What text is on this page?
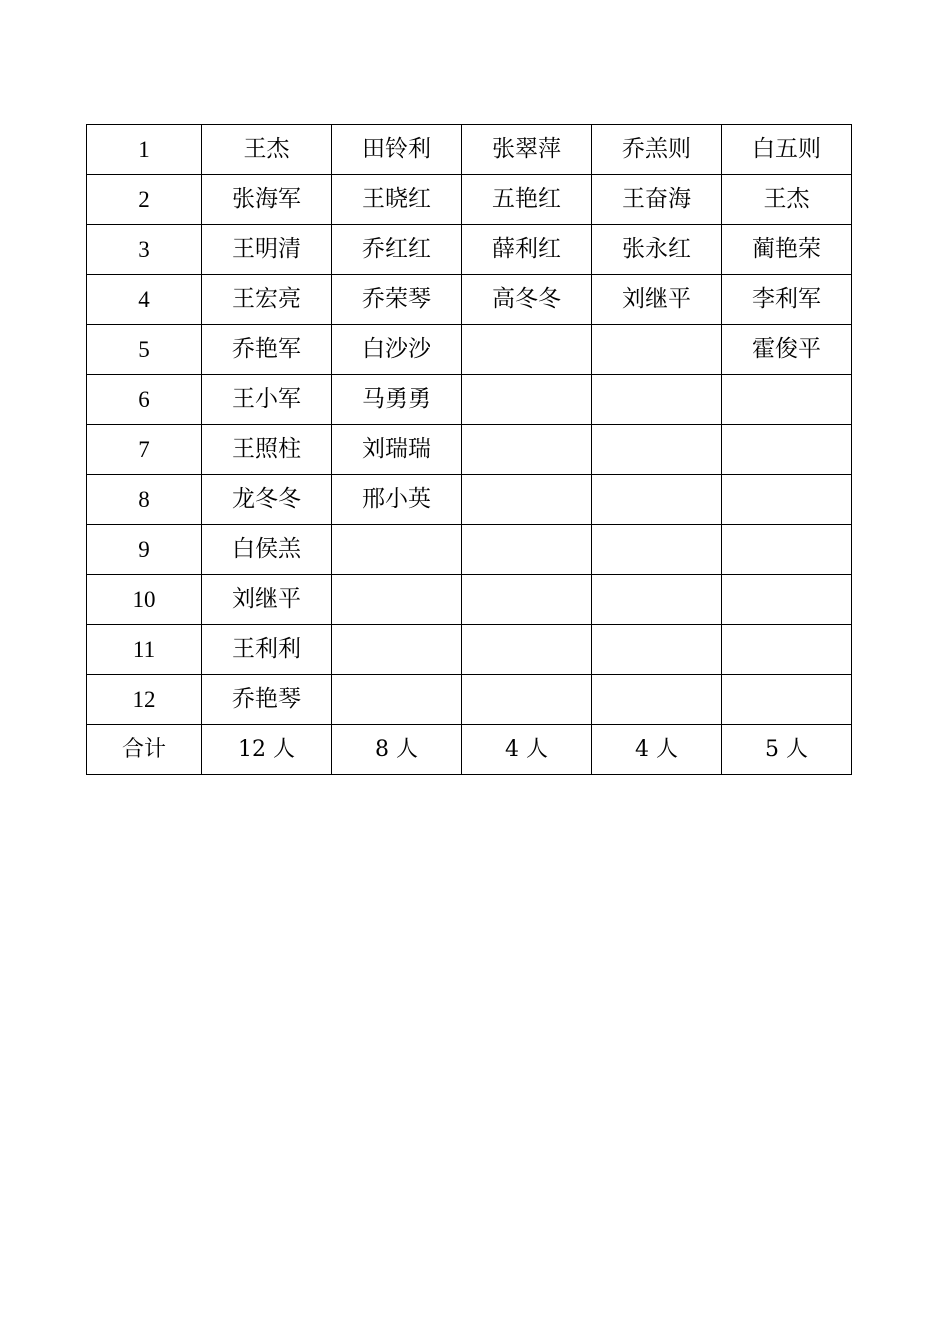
1	王杰	田铃利	张翠萍	乔羔则	白五则
2	张海军	王晓红	五艳红	王奋海	王杰
3	王明清	乔红红	薛利红	张永红	蔺艳荣
4	王宏亮	乔荣琴	高冬冬	刘继平	李利军
5	乔艳军	白沙沙			霍俊平
6	王小军	马勇勇			
7	王照柱	刘瑞瑞			
8	龙冬冬	邢小英			
9	白侯羔				
10	刘继平				
11	王利利				
12	乔艳琴				
合计	12 人	8 人	4 人	4 人	5 人
